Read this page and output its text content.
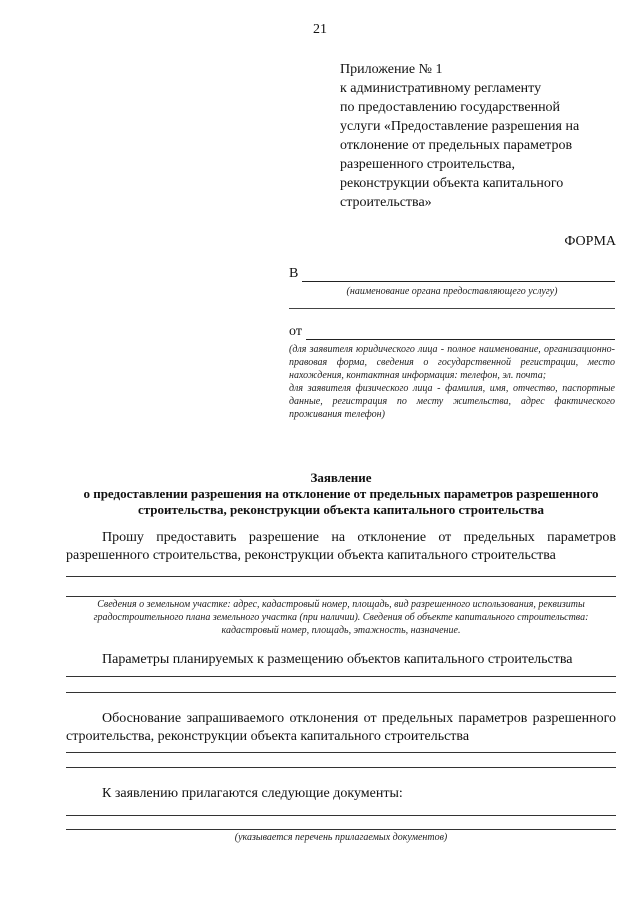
21
Приложение № 1
к административному регламенту
по предоставлению государственной
услуги «Предоставление разрешения на
отклонение от предельных параметров
разрешенного строительства,
реконструкции объекта капитального
строительства»
ФОРМА
В
(наименование органа предоставляющего услугу)
от

(для заявителя юридического лица - полное наименование, организационно-правовая форма, сведения о государственной регистрации, место нахождения, контактная информация: телефон, эл. почта;

для заявителя физического лица - фамилия, имя, отчество, паспортные данные, регистрация по месту жительства, адрес фактического проживания телефон)

Заявление
о предоставлении разрешения на отклонение от предельных параметров разрешенного
строительства, реконструкции объекта капитального строительства
Прошу предоставить разрешение на отклонение от предельных параметров разрешенного строительства, реконструкции объекта капитального строительства
Сведения о земельном участке: адрес, кадастровый номер, площадь, вид разрешенного использования, реквизиты градостроительного плана земельного участка (при наличии). Сведения об объекте капитального строительства: кадастровый номер, площадь, этажность, назначение.
Параметры планируемых к размещению объектов капитального строительства
Обоснование запрашиваемого отклонения от предельных параметров разрешенного строительства, реконструкции объекта капитального строительства
К заявлению прилагаются следующие документы:
(указывается перечень прилагаемых документов)
